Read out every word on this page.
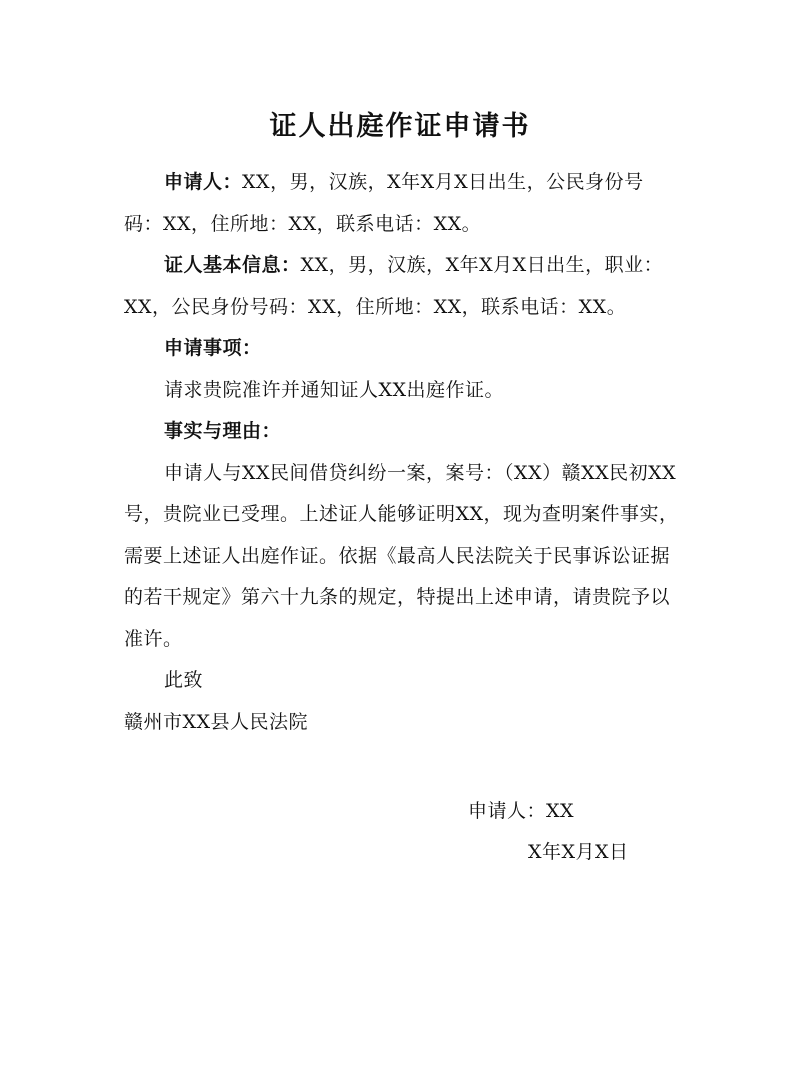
证人出庭作证申请书

申请人：XX，男，汉族，X年X月X日出生，公民身份号码：XX，住所地：XX，联系电话：XX。

证人基本信息：XX，男，汉族，X年X月X日出生，职业：XX，公民身份号码：XX，住所地：XX，联系电话：XX。

申请事项：

请求贵院准许并通知证人XX出庭作证。

事实与理由：

申请人与XX民间借贷纠纷一案，案号：（XX）赣XX民初XX号，贵院业已受理。上述证人能够证明XX，现为查明案件事实，需要上述证人出庭作证。依据《最高人民法院关于民事诉讼证据的若干规定》第六十九条的规定，特提出上述申请，请贵院予以准许。

此致

赣州市XX县人民法院

申请人：XX
X年X月X日
